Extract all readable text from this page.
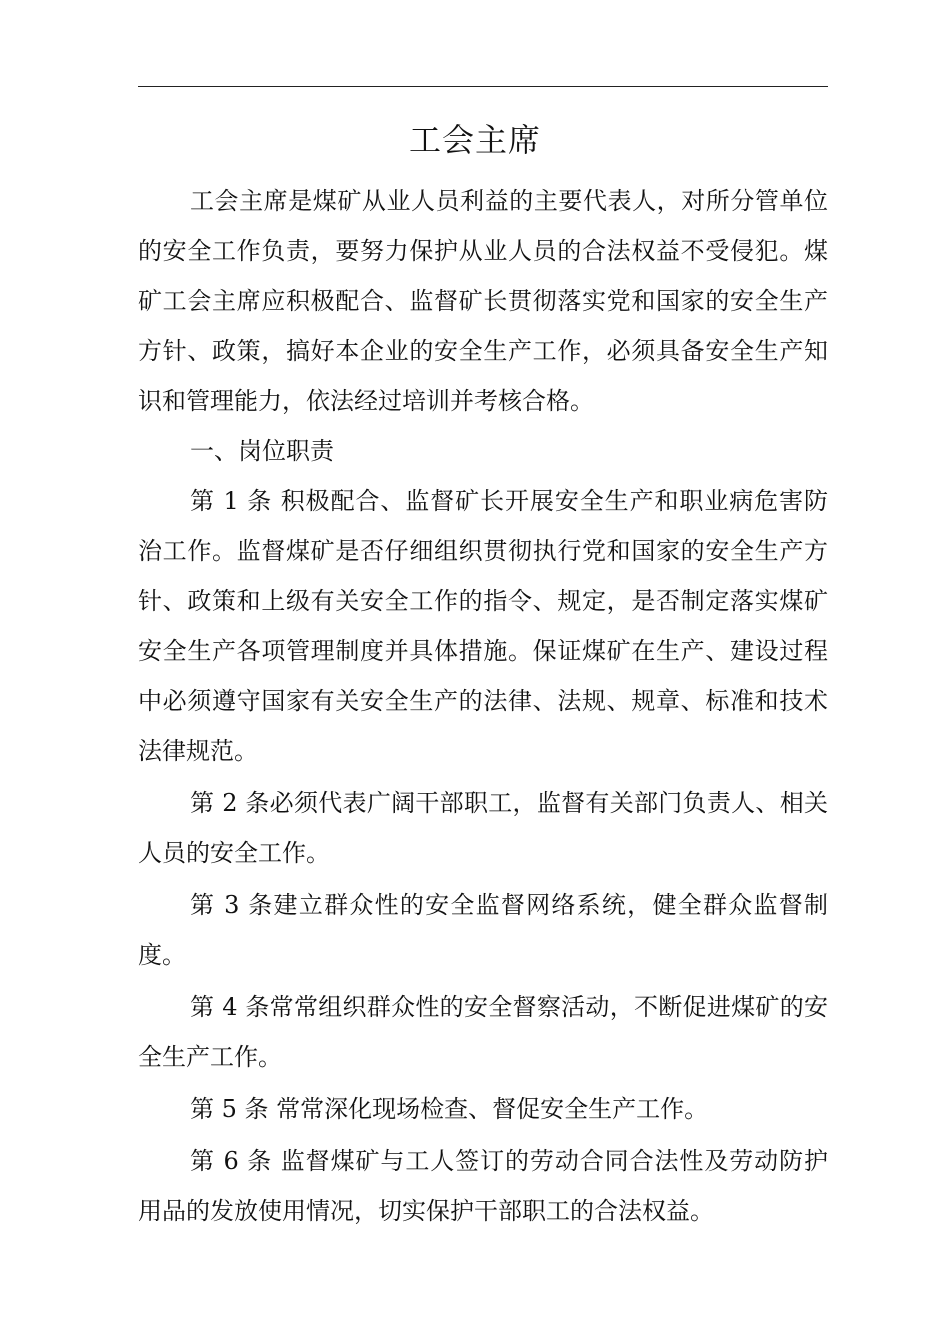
工会主席

工会主席是煤矿从业人员利益的主要代表人，对所分管单位的安全工作负责，要努力保护从业人员的合法权益不受侵犯。煤矿工会主席应积极配合、监督矿长贯彻落实党和国家的安全生产方针、政策，搞好本企业的安全生产工作，必须具备安全生产知识和管理能力，依法经过培训并考核合格。

一、岗位职责

第 1 条 积极配合、监督矿长开展安全生产和职业病危害防治工作。监督煤矿是否仔细组织贯彻执行党和国家的安全生产方针、政策和上级有关安全工作的指令、规定，是否制定落实煤矿安全生产各项管理制度并具体措施。保证煤矿在生产、建设过程中必须遵守国家有关安全生产的法律、法规、规章、标准和技术法律规范。

第 2 条必须代表广阔干部职工，监督有关部门负责人、相关人员的安全工作。

第 3 条建立群众性的安全监督网络系统，健全群众监督制度。

第 4 条常常组织群众性的安全督察活动，不断促进煤矿的安全生产工作。

第 5 条 常常深化现场检查、督促安全生产工作。

第 6 条 监督煤矿与工人签订的劳动合同合法性及劳动防护用品的发放使用情况，切实保护干部职工的合法权益。
